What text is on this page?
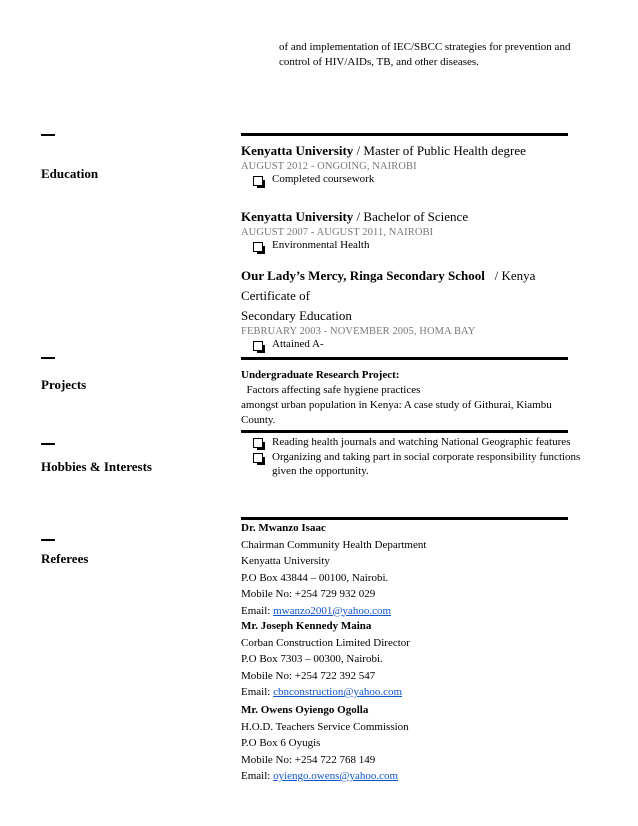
of and implementation of IEC/SBCC strategies for prevention and
control of HIV/AIDs, TB, and other diseases.
Education
Kenyatta University / Master of Public Health degree
AUGUST 2012 - ONGOING, NAIROBI
Completed coursework
Kenyatta University / Bachelor of Science
AUGUST 2007 - AUGUST 2011, NAIROBI
Environmental Health
Our Lady’s Mercy, Ringa Secondary School   / Kenya Certificate of
Secondary Education
FEBRUARY 2003 - NOVEMBER 2005, HOMA BAY
Attained A-
Projects
Undergraduate Research Project:  Factors affecting safe hygiene practices
amongst urban population in Kenya: A case study of Githurai, Kiambu
County.
Hobbies & Interests
Reading health journals and watching National Geographic features
Organizing and taking part in social corporate responsibility functions
given the opportunity.
Referees
Dr. Mwanzo Isaac
Chairman Community Health Department
Kenyatta University
P.O Box 43844 – 00100, Nairobi.
Mobile No: +254 729 932 029
Email: mwanzo2001@yahoo.com
Mr. Joseph Kennedy Maina
Corban Construction Limited Director
P.O Box 7303 – 00300, Nairobi.
Mobile No: +254 722 392 547
Email: cbnconstruction@yahoo.com
Mr. Owens Oyiengo Ogolla
H.O.D. Teachers Service Commission
P.O Box 6 Oyugis
Mobile No: +254 722 768 149
Email: oyiengo.owens@yahoo.com
